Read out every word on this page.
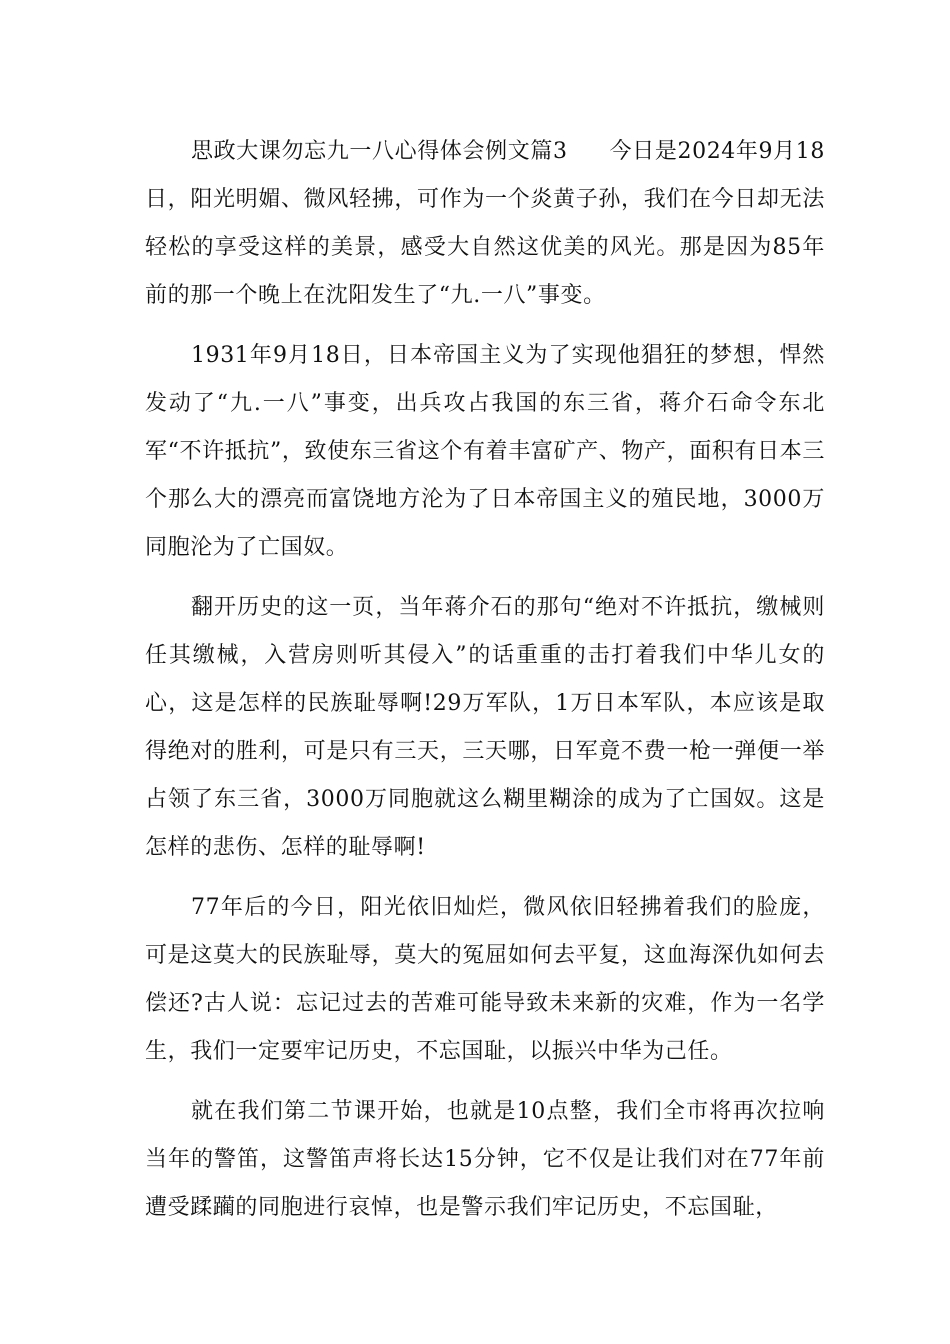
思政大课勿忘九一八心得体会例文篇3 今日是2024年9月18日，阳光明媚、微风轻拂，可作为一个炎黄子孙，我们在今日却无法轻松的享受这样的美景，感受大自然这优美的风光。那是因为85年前的那一个晚上在沈阳发生了“九.一八”事变。

1931年9月18日，日本帝国主义为了实现他猖狂的梦想，悍然发动了“九.一八”事变，出兵攻占我国的东三省，蒋介石命令东北军“不许抵抗”，致使东三省这个有着丰富矿产、物产，面积有日本三个那么大的漂亮而富饶地方沦为了日本帝国主义的殖民地，3000万同胞沦为了亡国奴。

翻开历史的这一页，当年蒋介石的那句“绝对不许抵抗，缴械则任其缴械，入营房则听其侵入”的话重重的击打着我们中华儿女的心，这是怎样的民族耻辱啊!29万军队，1万日本军队，本应该是取得绝对的胜利，可是只有三天，三天哪，日军竟不费一枪一弹便一举占领了东三省，3000万同胞就这么糊里糊涂的成为了亡国奴。这是怎样的悲伤、怎样的耻辱啊!

77年后的今日，阳光依旧灿烂，微风依旧轻拂着我们的脸庞，可是这莫大的民族耻辱，莫大的冤屈如何去平复，这血海深仇如何去偿还?古人说：忘记过去的苦难可能导致未来新的灾难，作为一名学生，我们一定要牢记历史，不忘国耻，以振兴中华为己任。

就在我们第二节课开始，也就是10点整，我们全市将再次拉响当年的警笛，这警笛声将长达15分钟，它不仅是让我们对在77年前遭受蹂躏的同胞进行哀悼，也是警示我们牢记历史，不忘国耻，
